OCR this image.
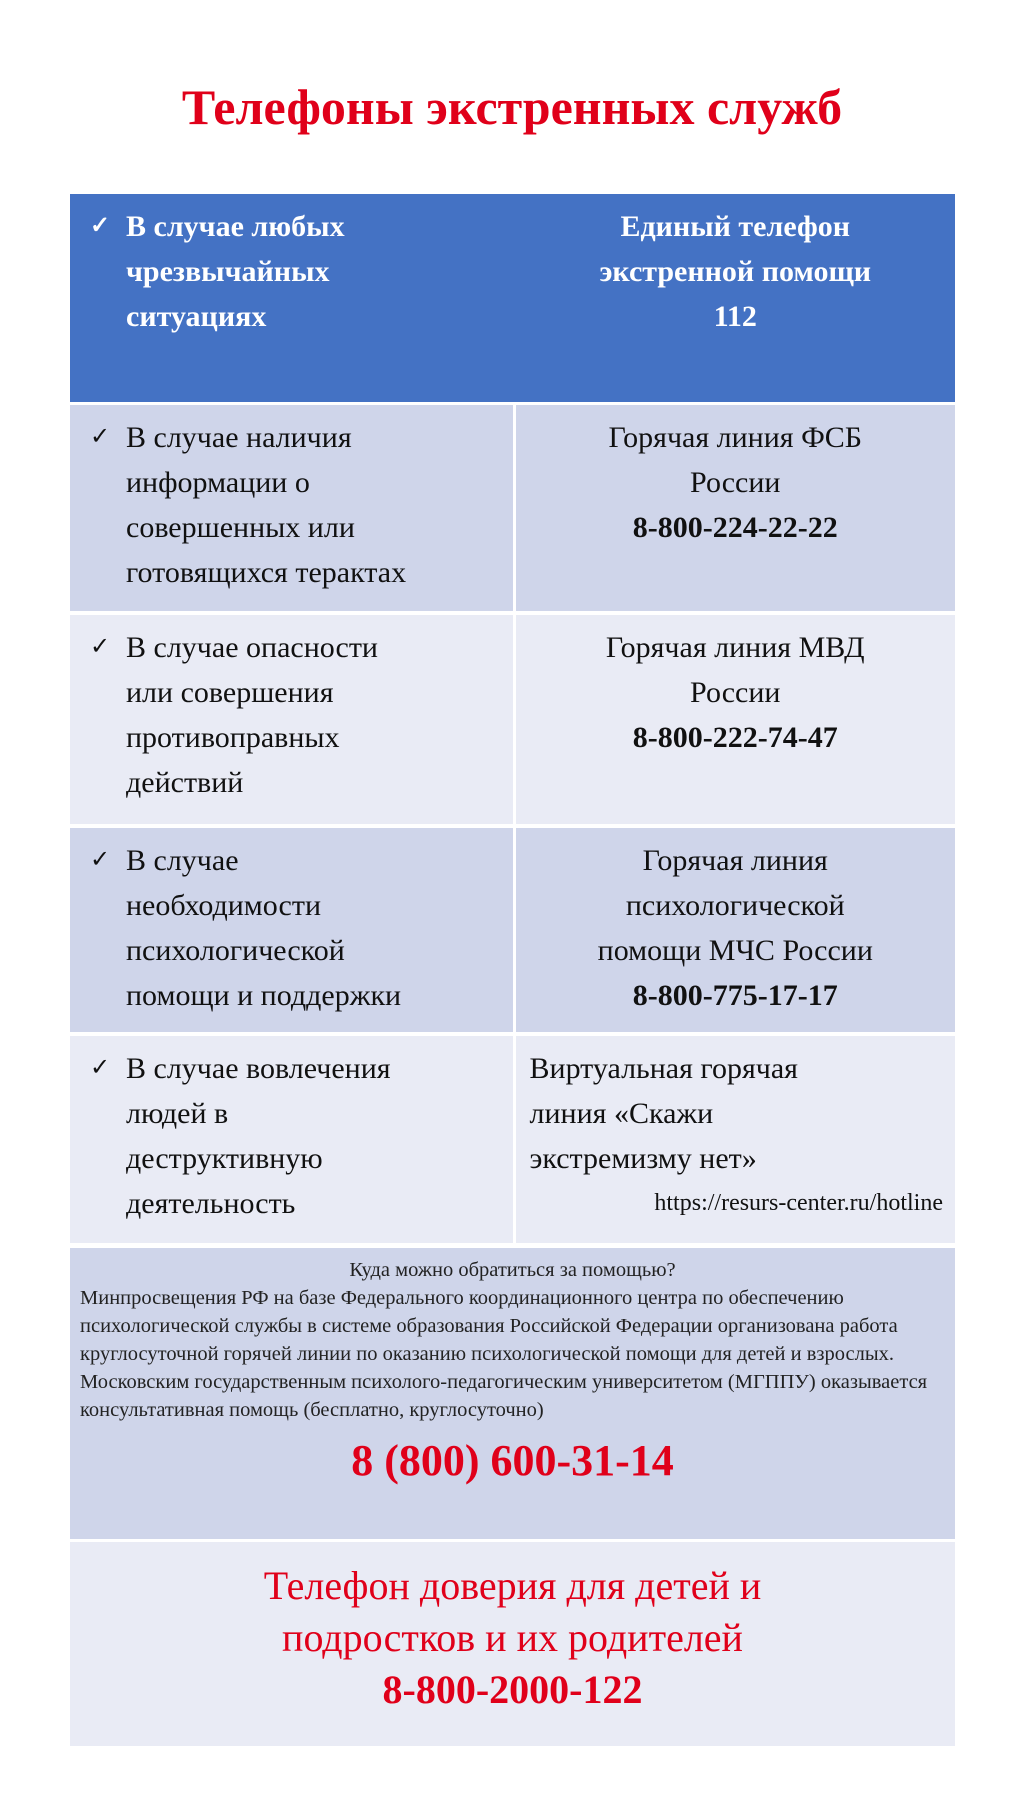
Телефоны экстренных служб
✓ В случае любых
чрезвычайных
ситуациях
Единый телефон
экстренной помощи
112
✓ В случае наличия
информации о
совершенных или
готовящихся терактах
Горячая линия ФСБ
России
8-800-224-22-22
✓ В случае опасности
или совершения
противоправных
действий
Горячая линия МВД
России
8-800-222-74-47
✓ В случае
необходимости
психологической
помощи и поддержки
Горячая линия
психологической
помощи МЧС России
8-800-775-17-17
✓ В случае вовлечения
людей в
деструктивную
деятельность
Виртуальная горячая
линия «Скажи
экстремизму нет»
https://resurs-center.ru/hotline
Куда можно обратиться за помощью?

Минпросвещения РФ на базе Федерального координационного центра по обеспечению психологической службы в системе образования Российской Федерации организована работа круглосуточной горячей линии по оказанию психологической помощи для детей и взрослых. Московским государственным психолого-педагогическим университетом (МГППУ) оказывается консультативная помощь (бесплатно, круглосуточно)

8 (800) 600-31-14
Телефон доверия для детей и
подростков и их родителей
8-800-2000-122
